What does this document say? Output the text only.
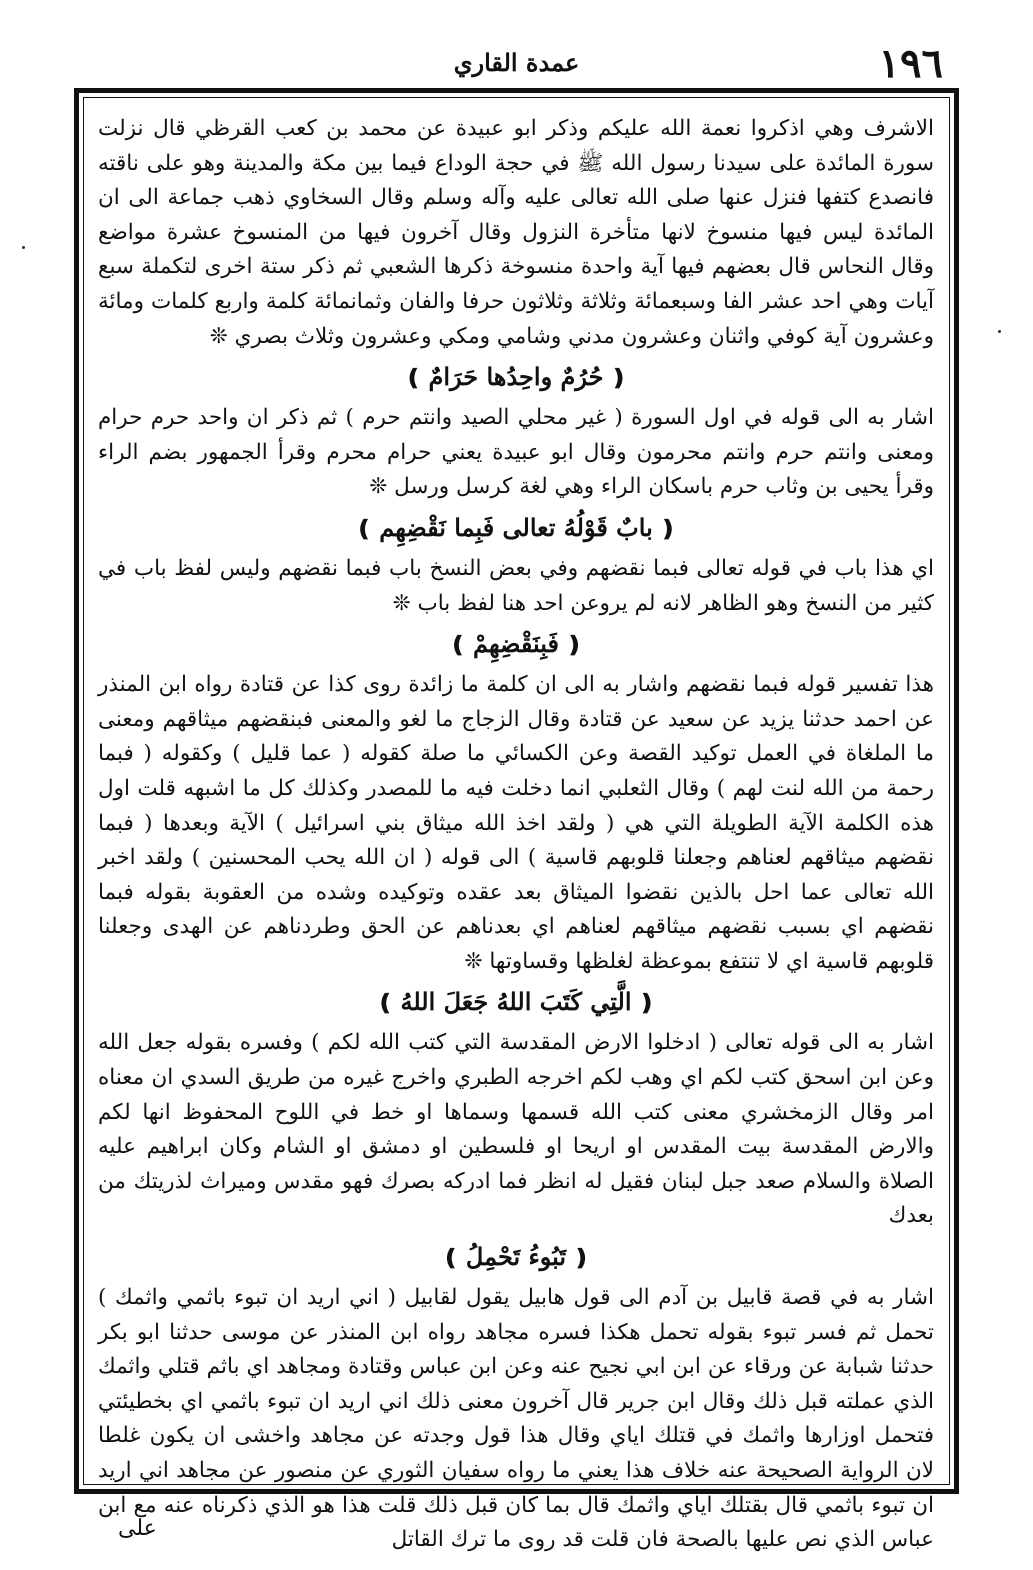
١٩٦
عمدة القاري

الاشرف وهي اذكروا نعمة الله عليكم وذكر ابو عبيدة عن محمد بن كعب القرظي قال نزلت سورة المائدة على سيدنا رسول الله ﷺ في حجة الوداع فيما بين مكة والمدينة وهو على ناقته فانصدع كتفها فنزل عنها صلى الله تعالى عليه وآله وسلم وقال السخاوي ذهب جماعة الى ان المائدة ليس فيها منسوخ لانها متأخرة النزول وقال آخرون فيها من المنسوخ عشرة مواضع وقال النحاس قال بعضهم فيها آية واحدة منسوخة ذكرها الشعبي ثم ذكر ستة اخرى لتكملة سبع آيات وهي احد عشر الفا وسبعمائة وثلاثة وثلاثون حرفا والفان وثمانمائة كلمة واربع كلمات ومائة وعشرون آية كوفي واثنان وعشرون مدني وشامي ومكي وعشرون وثلاث بصري ❊

❪حُرُمٌ واحِدُها حَرَامٌ❫

اشار به الى قوله في اول السورة ( غير محلي الصيد وانتم حرم ) ثم ذكر ان واحد حرم حرام ومعنى وانتم حرم وانتم محرمون وقال ابو عبيدة يعني حرام محرم وقرأ الجمهور بضم الراء وقرأ يحيى بن وثاب حرم باسكان الراء وهي لغة كرسل ورسل ❊

❪بابٌ قَوْلُهُ تعالى فَبِما نَقْضِهِم❫

اي هذا باب في قوله تعالى فبما نقضهم وفي بعض النسخ باب فبما نقضهم وليس لفظ باب في كثير من النسخ وهو الظاهر لانه لم يروعن احد هنا لفظ باب ❊

❪فَبِنَقْضِهِمْ❫

هذا تفسير قوله فبما نقضهم واشار به الى ان كلمة ما زائدة روى كذا عن قتادة رواه ابن المنذر عن احمد حدثنا يزيد عن سعيد عن قتادة وقال الزجاج ما لغو والمعنى فبنقضهم ميثاقهم ومعنى ما الملغاة في العمل توكيد القصة وعن الكسائي ما صلة كقوله ( عما قليل ) وكقوله ( فبما رحمة من الله لنت لهم ) وقال الثعلبي انما دخلت فيه ما للمصدر وكذلك كل ما اشبهه قلت اول هذه الكلمة الآية الطويلة التي هي ( ولقد اخذ الله ميثاق بني اسرائيل ) الآية وبعدها ( فبما نقضهم ميثاقهم لعناهم وجعلنا قلوبهم قاسية ) الى قوله ( ان الله يحب المحسنين ) ولقد اخبر الله تعالى عما احل بالذين نقضوا الميثاق بعد عقده وتوكيده وشده من العقوبة بقوله فبما نقضهم اي بسبب نقضهم ميثاقهم لعناهم اي بعدناهم عن الحق وطردناهم عن الهدى وجعلنا قلوبهم قاسية اي لا تنتفع بموعظة لغلظها وقساوتها ❊

❪الَّتِي كَتَبَ اللهُ جَعَلَ اللهُ❫

اشار به الى قوله تعالى ( ادخلوا الارض المقدسة التي كتب الله لكم ) وفسره بقوله جعل الله وعن ابن اسحق كتب لكم اي وهب لكم اخرجه الطبري واخرج غيره من طريق السدي ان معناه امر وقال الزمخشري معنى كتب الله قسمها وسماها او خط في اللوح المحفوظ انها لكم والارض المقدسة بيت المقدس او اريحا او فلسطين او دمشق او الشام وكان ابراهيم عليه الصلاة والسلام صعد جبل لبنان فقيل له انظر فما ادركه بصرك فهو مقدس وميراث لذريتك من بعدك

❪تَبُوءُ تَحْمِلُ❫

اشار به في قصة قابيل بن آدم الى قول هابيل يقول لقابيل ( اني اريد ان تبوء باثمي واثمك ) تحمل ثم فسر تبوء بقوله تحمل هكذا فسره مجاهد رواه ابن المنذر عن موسى حدثنا ابو بكر حدثنا شبابة عن ورقاء عن ابن ابي نجيح عنه وعن ابن عباس وقتادة ومجاهد اي باثم قتلي واثمك الذي عملته قبل ذلك وقال ابن جرير قال آخرون معنى ذلك اني اريد ان تبوء باثمي اي بخطيئتي فتحمل اوزارها واثمك في قتلك اياي وقال هذا قول وجدته عن مجاهد واخشى ان يكون غلطا لان الرواية الصحيحة عنه خلاف هذا يعني ما رواه سفيان الثوري عن منصور عن مجاهد اني اريد ان تبوء باثمي قال بقتلك اياي واثمك قال بما كان قبل ذلك قلت هذا هو الذي ذكرناه عنه مع ابن عباس الذي نص عليها بالصحة فان قلت قد روى ما ترك القاتل

على
